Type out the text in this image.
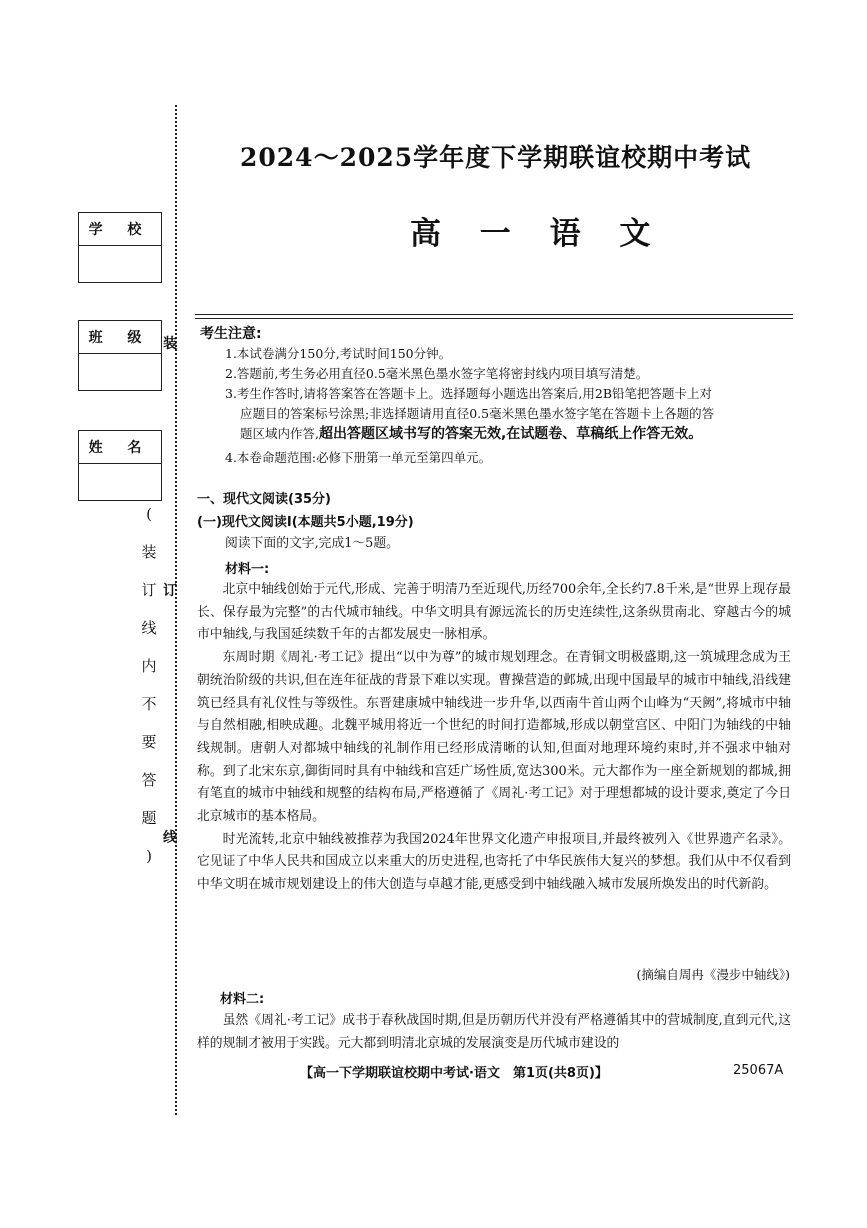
学 校
班 级
姓 名
装
订
线
(
装
订
线
内
不
要
答
题
)
2024～2025学年度下学期联谊校期中考试
高 一 语 文
考生注意:
1.本试卷满分150分,考试时间150分钟。
2.答题前,考生务必用直径0.5毫米黑色墨水签字笔将密封线内项目填写清楚。
3.考生作答时,请将答案答在答题卡上。选择题每小题选出答案后,用2B铅笔把答题卡上对
应题目的答案标号涂黑;非选择题请用直径0.5毫米黑色墨水签字笔在答题卡上各题的答
题区域内作答,超出答题区域书写的答案无效,在试题卷、草稿纸上作答无效。
4.本卷命题范围:必修下册第一单元至第四单元。
一、现代文阅读(35分)
(一)现代文阅读Ⅰ(本题共5小题,19分)
阅读下面的文字,完成1～5题。
材料一:

北京中轴线创始于元代,形成、完善于明清乃至近现代,历经700余年,全长约7.8千米,是“世界上现存最长、保存最为完整”的古代城市轴线。中华文明具有源远流长的历史连续性,这条纵贯南北、穿越古今的城市中轴线,与我国延续数千年的古都发展史一脉相承。

东周时期《周礼·考工记》提出“以中为尊”的城市规划理念。在青铜文明极盛期,这一筑城理念成为王朝统治阶级的共识,但在连年征战的背景下难以实现。曹操营造的邺城,出现中国最早的城市中轴线,沿线建筑已经具有礼仪性与等级性。东晋建康城中轴线进一步升华,以西南牛首山两个山峰为“天阙”,将城市中轴与自然相融,相映成趣。北魏平城用将近一个世纪的时间打造都城,形成以朝堂宫区、中阳门为轴线的中轴线规制。唐朝人对都城中轴线的礼制作用已经形成清晰的认知,但面对地理环境约束时,并不强求中轴对称。到了北宋东京,御街同时具有中轴线和宫廷广场性质,宽达300米。元大都作为一座全新规划的都城,拥有笔直的城市中轴线和规整的结构布局,严格遵循了《周礼·考工记》对于理想都城的设计要求,奠定了今日北京城市的基本格局。

时光流转,北京中轴线被推荐为我国2024年世界文化遗产申报项目,并最终被列入《世界遗产名录》。它见证了中华人民共和国成立以来重大的历史进程,也寄托了中华民族伟大复兴的梦想。我们从中不仅看到中华文明在城市规划建设上的伟大创造与卓越才能,更感受到中轴线融入城市发展所焕发出的时代新韵。

(摘编自周冉《漫步中轴线》)
材料二:

虽然《周礼·考工记》成书于春秋战国时期,但是历朝历代并没有严格遵循其中的营城制度,直到元代,这样的规制才被用于实践。元大都到明清北京城的发展演变是历代城市建设的

【高一下学期联谊校期中考试·语文　第1页(共8页)】	25067A
